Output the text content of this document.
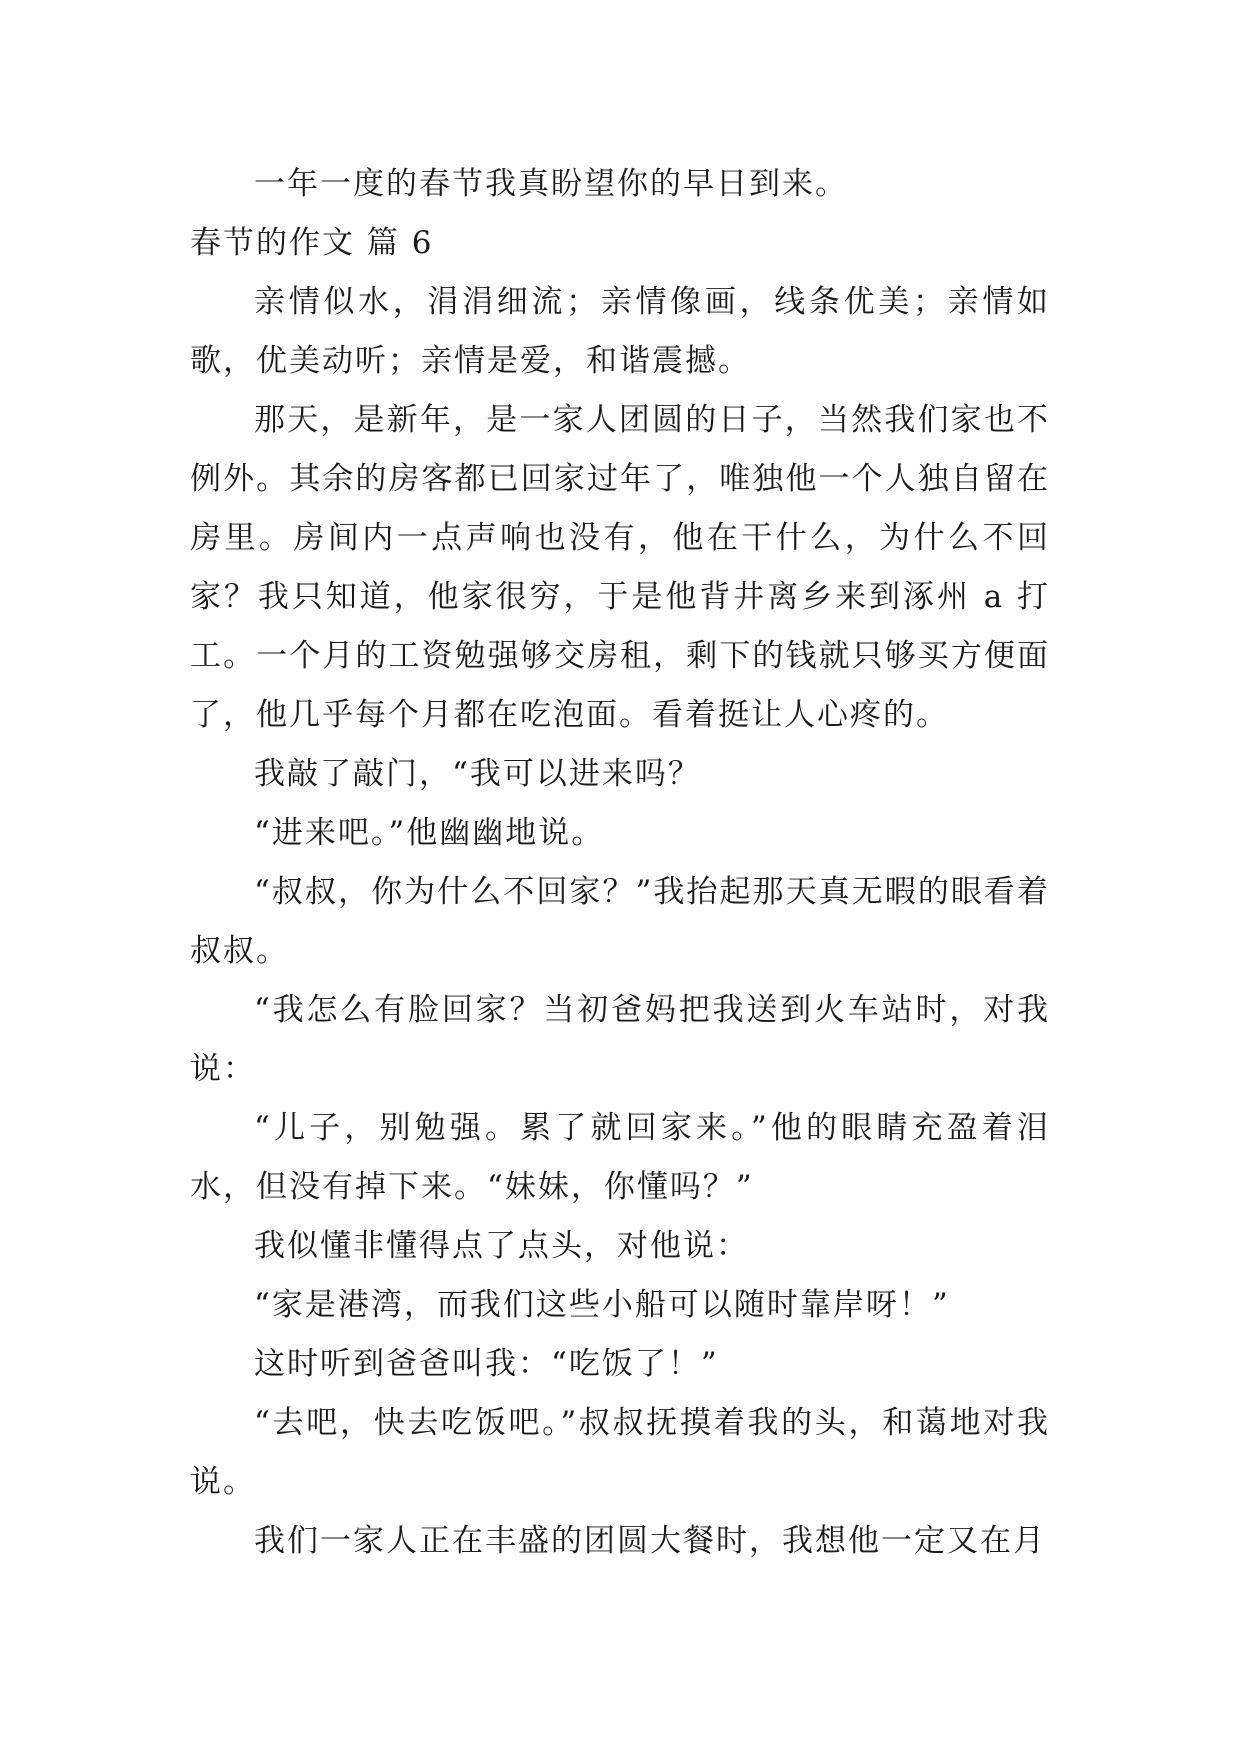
一年一度的春节我真盼望你的早日到来。

春节的作文 篇 6

亲情似水，涓涓细流；亲情像画，线条优美；亲情如歌，优美动听；亲情是爱，和谐震撼。

那天，是新年，是一家人团圆的日子，当然我们家也不例外。其余的房客都已回家过年了，唯独他一个人独自留在房里。房间内一点声响也没有，他在干什么，为什么不回家？我只知道，他家很穷，于是他背井离乡来到涿州 a 打工。一个月的工资勉强够交房租，剩下的钱就只够买方便面了，他几乎每个月都在吃泡面。看着挺让人心疼的。

我敲了敲门，“我可以进来吗？

“进来吧。”他幽幽地说。

“叔叔，你为什么不回家？”我抬起那天真无暇的眼看着叔叔。

“我怎么有脸回家？当初爸妈把我送到火车站时，对我说：

“儿子，别勉强。累了就回家来。”他的眼睛充盈着泪水，但没有掉下来。“妹妹，你懂吗？”

我似懂非懂得点了点头，对他说：

“家是港湾，而我们这些小船可以随时靠岸呀！”

这时听到爸爸叫我：“吃饭了！”

“去吧，快去吃饭吧。”叔叔抚摸着我的头，和蔼地对我说。

我们一家人正在丰盛的团圆大餐时，我想他一定又在月
